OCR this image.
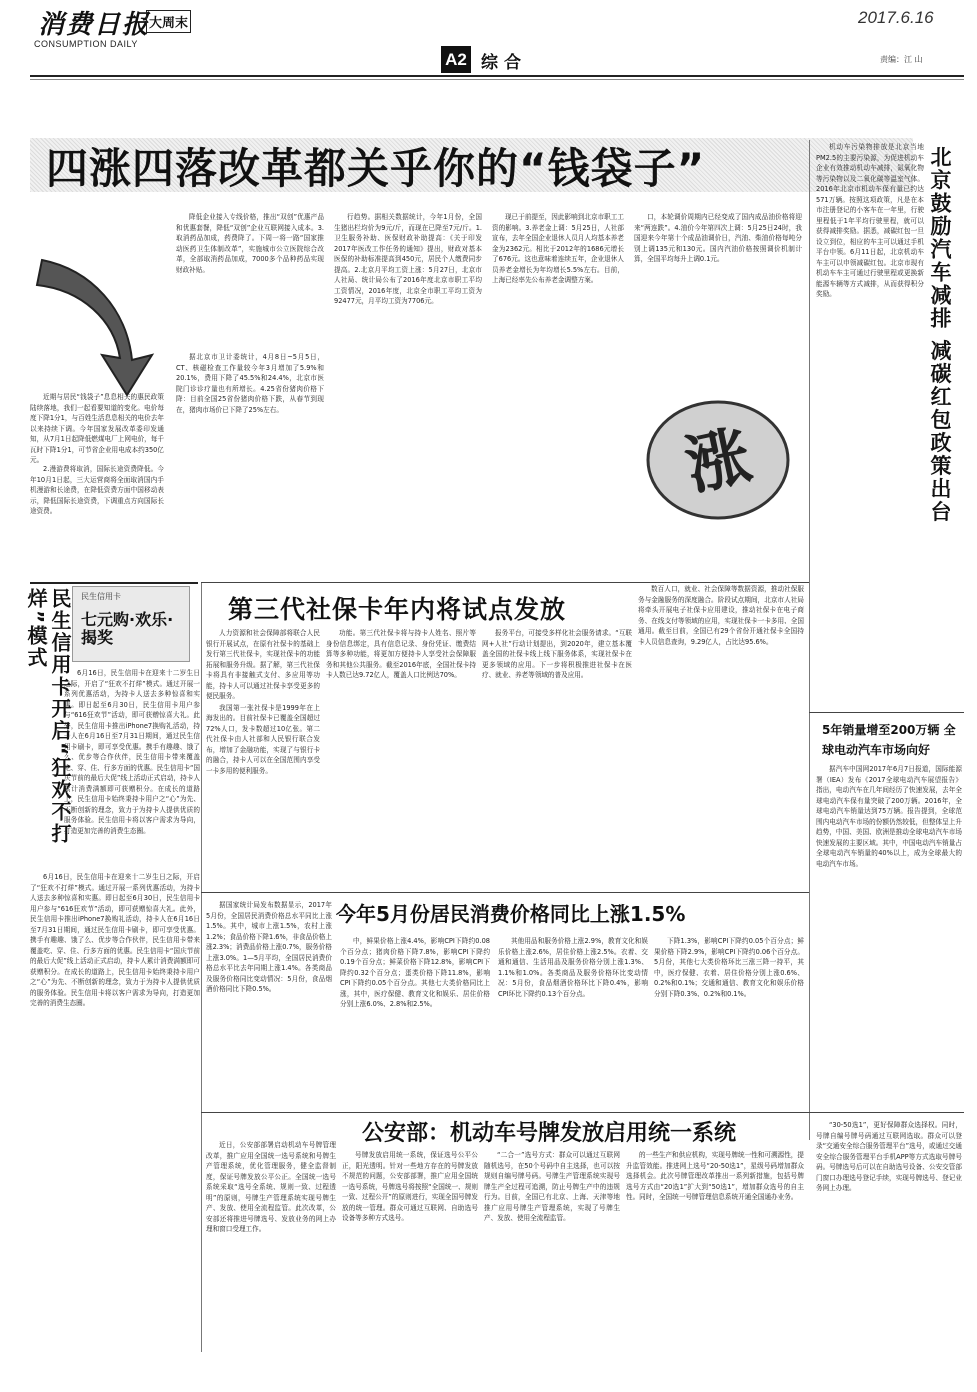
消费日报
CONSUMPTION DAILY
大周末
A2 综合
2017.6.16
责编：江 山
四涨四落改革都关乎你的“钱袋子”
涨

近期与居民“钱袋子”息息相关的惠民政策陆续落地，我们一起看要知道的变化。电价每度下降1分1，与百姓生活息息相关的电价去年以来持续下调。今年国家发展改革委印发通知，从7月1日起降低燃煤电厂上网电价，每千瓦时下降1分1，可节省企业用电成本约350亿元。

2.漫游费将取消，国际长途资费降低。今年10月1日起，三大运营商将全面取消国内手机漫游和长途费，在降低资费方面中国移动表示，降低国际长途资费，下调重点方向国际长途资费。

降低企业接入专线价格，推出“双创”优惠产品和优惠套餐，降低“双创”企业互联网接入成本。3.取消药品加成，药费降了。下周一将一路“国家推动医药卫生体制改革”，实施城市公立医院综合改革，全部取消药品加成，7000多个品种药品实现财政补贴。

据北京市卫计委统计，4月8日~5月5日，CT、核磁检查工作量较今年3月增加了5.9%和20.1%，费用下降了45.5%和24.4%，北京市医院门诊诊疗量也有所增长。4.25省份猪肉价格下降：目前全国25省份猪肉价格下跌，从春节到现在，猪肉市场价已下降了25%左右。

行趋势。据相关数据统计，今年1月份，全国生猪出栏均价为9元/斤，而现在已降至7元/斤。1.卫生服务补助、医保财政补助提高：《关于印发2017年医改工作任务的通知》提出，财政对基本医保的补助标准提高到450元，居民个人缴费同步提高。2.北京月平均工资上涨：5月27日，北京市人社局、统计局公布了2016年度北京市职工平均工资情况，2016年度，北京全市职工平均工资为92477元，月平均工资为7706元。

现已于前提至，因此影响到北京市职工工资的影响。3.养老金上调：5月25日，人社部宣布，去年全国企业退休人员月人均基本养老金为2362元。相比于2012年的1686元增长了676元。这也意味着连续五年，企业退休人员养老金增长为年均增长5.5%左右。目前，上海已经率先公布养老金调整方案。

口，本轮调价周期内已经变成了国内成品油价格将迎来“两连跌”。4.油价今年第四次上调：5月25日24时，我国迎来今年第十个成品油调价日，汽油、柴油价格每吨分别上调135元和130元。国内汽油价格按照调价机制计算，全国平均每升上调0.1元。

机动车污染物排放是北京当地PM2.5的主要污染源，为促进机动车企业有效推动机动车减排，氮氧化物等污染物以及二氧化碳等温室气体。2016年北京市机动车保有量已约达571万辆。按照这项政策，凡是在本市注册登记的小客车在一年里，行驶里程低于1年平均行驶里程，就可以获得减排奖励。据悉，减碳红包一旦设立到位，相应的车主可以通过手机平台申领。6月11日起，北京机动车车主可以申领减碳红包。北京市现有机动车车主可通过行驶里程或更换新能源车辆等方式减排，从而获得积分奖励。	北京鼓励汽车减排 减碳红包政策出台
民生信用卡开启“狂欢不打烊”模式	民生信用卡
七元购·欢乐·揭奖

6月16日，民生信用卡在迎来十二岁生日之际，开启了“狂欢不打烊”模式。通过开展一系列优惠活动，为持卡人送去多种惊喜和实惠。即日起至6月30日，民生信用卡用户参与“616狂欢节”活动，即可获赠惊喜大礼。此外，民生信用卡推出iPhone7换购礼活动，持卡人在6月16日至7月31日期间，通过民生信用卡刷卡，即可享受优惠。携手有趣趣、饿了么、优步等合作伙伴，民生信用卡带来覆盖吃、穿、住、行多方面的优惠。民生信用卡“国庆节前的最后大促”线上活动正式启动，持卡人累计消费满额即可获赠积分。在成长的道路上，民生信用卡始终秉持卡用户之“心”为先、不断创新的理念，致力于为持卡人提供优质的服务体验。民生信用卡将以客户需求为导向，打造更加完善的消费生态圈。

6月16日，民生信用卡在迎来十二岁生日之际，开启了“狂欢不打烊”模式。通过开展一系列优惠活动，为持卡人送去多种惊喜和实惠。即日起至6月30日，民生信用卡用户参与“616狂欢节”活动，即可获赠惊喜大礼。此外，民生信用卡推出iPhone7换购礼活动，持卡人在6月16日至7月31日期间，通过民生信用卡刷卡，即可享受优惠。携手有趣趣、饿了么、优步等合作伙伴，民生信用卡带来覆盖吃、穿、住、行多方面的优惠。民生信用卡“国庆节前的最后大促”线上活动正式启动，持卡人累计消费满额即可获赠积分。在成长的道路上，民生信用卡始终秉持卡用户之“心”为先、不断创新的理念，致力于为持卡人提供优质的服务体验。民生信用卡将以客户需求为导向，打造更加完善的消费生态圈。

第三代社保卡年内将试点发放

人力资源和社会保障部将联合人民银行开展试点，在原有社保卡的基础上发行第三代社保卡，实现社保卡的功能拓展和服务升级。据了解，第三代社保卡将具有非接触式支付、多应用等功能，持卡人可以通过社保卡享受更多的便民服务。

我国第一张社保卡是1999年在上海发出的。目前社保卡已覆盖全国超过72%人口，发卡数超过10亿张。第二代社保卡由人社部和人民银行联合发布，增加了金融功能，实现了与银行卡的融合，持卡人可以在全国范围内享受一卡多用的便利服务。

功能。第三代社保卡将与持卡人姓名、照片等身份信息绑定，具有信息记录、身份凭证、缴费结算等多种功能，将更加方便持卡人享受社会保障服务和其他公共服务。截至2016年底，全国社保卡持卡人数已达9.72亿人，覆盖人口比例达70%。

报务平台，可接受多样化社会服务请求。“互联网+人社”行动计划提出，到2020年，建立基本覆盖全国的社保卡线上线下服务体系，实现社保卡在更多领域的应用。下一步将积极推进社保卡在医疗、就业、养老等领域的普及应用。

数百人口，就业、社会保障等数据资源，推动社保服务与金融服务的深度融合。阶段试点期间，北京市人社局将牵头开展电子社保卡应用建设，推动社保卡在电子商务、在线支付等领域的应用，实现社保卡一卡多用、全国通用。截至目前，全国已有29个省份开通社保卡全国持卡人员信息查询，9.29亿人，占比达95.6%。

5年销量增至200万辆 全球电动汽车市场向好

据汽车中国网2017年6月7日报道，国际能源署（IEA）发布《2017全球电动汽车展望报告》指出，电动汽车在几年间经历了快速发展，去年全球电动汽车保有量突破了200万辆。2016年，全球电动汽车销量达到75万辆。报告提到，全球范围内电动汽车市场的份额仍然较低，但整体呈上升趋势，中国、美国、欧洲是推动全球电动汽车市场快速发展的主要区域。其中，中国电动汽车销量占全球电动汽车销量的40%以上，成为全球最大的电动汽车市场。

今年5月份居民消费价格同比上涨1.5%

据国家统计局发布数据显示，2017年5月份，全国居民消费价格总水平同比上涨1.5%。其中，城市上涨1.5%，农村上涨1.2%；食品价格下降1.6%，非食品价格上涨2.3%；消费品价格上涨0.7%，服务价格上涨3.0%。1—5月平均，全国居民消费价格总水平比去年同期上涨1.4%。各类商品及服务价格同比变动情况：5月份，食品烟酒价格同比下降0.5%。

中，鲜果价格上涨4.4%，影响CPI下降约0.08个百分点；猪肉价格下降7.8%，影响CPI下降约0.19个百分点；鲜菜价格下降12.8%，影响CPI下降约0.32个百分点；蛋类价格下降11.8%，影响CPI下降约0.05个百分点。其他七大类价格同比上涨，其中，医疗保健、教育文化和娱乐、居住价格分别上涨6.0%、2.8%和2.5%。

其他用品和服务价格上涨2.9%，教育文化和娱乐价格上涨2.6%，居住价格上涨2.5%。衣着、交通和通信、生活用品及服务价格分别上涨1.3%、1.1%和1.0%。各类商品及服务价格环比变动情况：5月份，食品烟酒价格环比下降0.4%，影响CPI环比下降约0.13个百分点。

下降1.3%，影响CPI下降约0.05个百分点；鲜果价格下降2.9%，影响CPI下降约0.06个百分点。5月份，其他七大类价格环比三涨三降一持平，其中，医疗保健、衣着、居住价格分别上涨0.6%、0.2%和0.1%；交通和通信、教育文化和娱乐价格分别下降0.3%、0.2%和0.1%。

公安部：机动车号牌发放启用统一系统

近日，公安部部署启动机动车号牌管理改革，推广应用全国统一选号系统和号牌生产管理系统，优化管理服务，健全监督制度，保证号牌发放公平公正。全国统一选号系统采取“选号全系统、规则一致、过程透明”的原则，号牌生产管理系统实现号牌生产、发放、使用全流程监管。此次改革，公安部还将推进号牌选号、发放业务的网上办理和窗口受理工作。

号牌发放启用统一系统，保证选号公平公正，阳光透明。针对一些地方存在的号牌发放不规范的问题，公安部部署，推广应用全国统一选号系统，号牌选号将按照“全国统一、规则一致、过程公开”的原则进行，实现全国号牌发放的统一管理。群众可通过互联网、自助选号设备等多种方式选号。

“二合一”选号方式：群众可以通过互联网随机选号，在50个号码中自主选择，也可以按规则自编号牌号码。号牌生产管理系统实现号牌生产全过程可追溯，防止号牌生产中的违规行为。目前，全国已有北京、上海、天津等地推广应用号牌生产管理系统，实现了号牌生产、发放、使用全流程监管。

的一些生产和供应机构，实现号牌统一性和可溯源性，提升监管效能。推进网上选号“20-50选1”，星级号码增加群众选择机会。此次号牌管理改革推出一系列新措施，包括号牌选号方式由“20选1”扩大到“50选1”，增加群众选号的自主性。同时，全国统一号牌管理信息系统开通全国通办业务。

“30-50选1”，更好保障群众选择权。同时，号牌自编号牌号码通过互联网选取。群众可以登录“交通安全综合服务管理平台”选号，或通过交通安全综合服务管理平台手机APP等方式选取号牌号码。号牌选号后可以在自助选号设备、公安交管部门窗口办理选号登记手续，实现号牌选号、登记业务网上办理。
